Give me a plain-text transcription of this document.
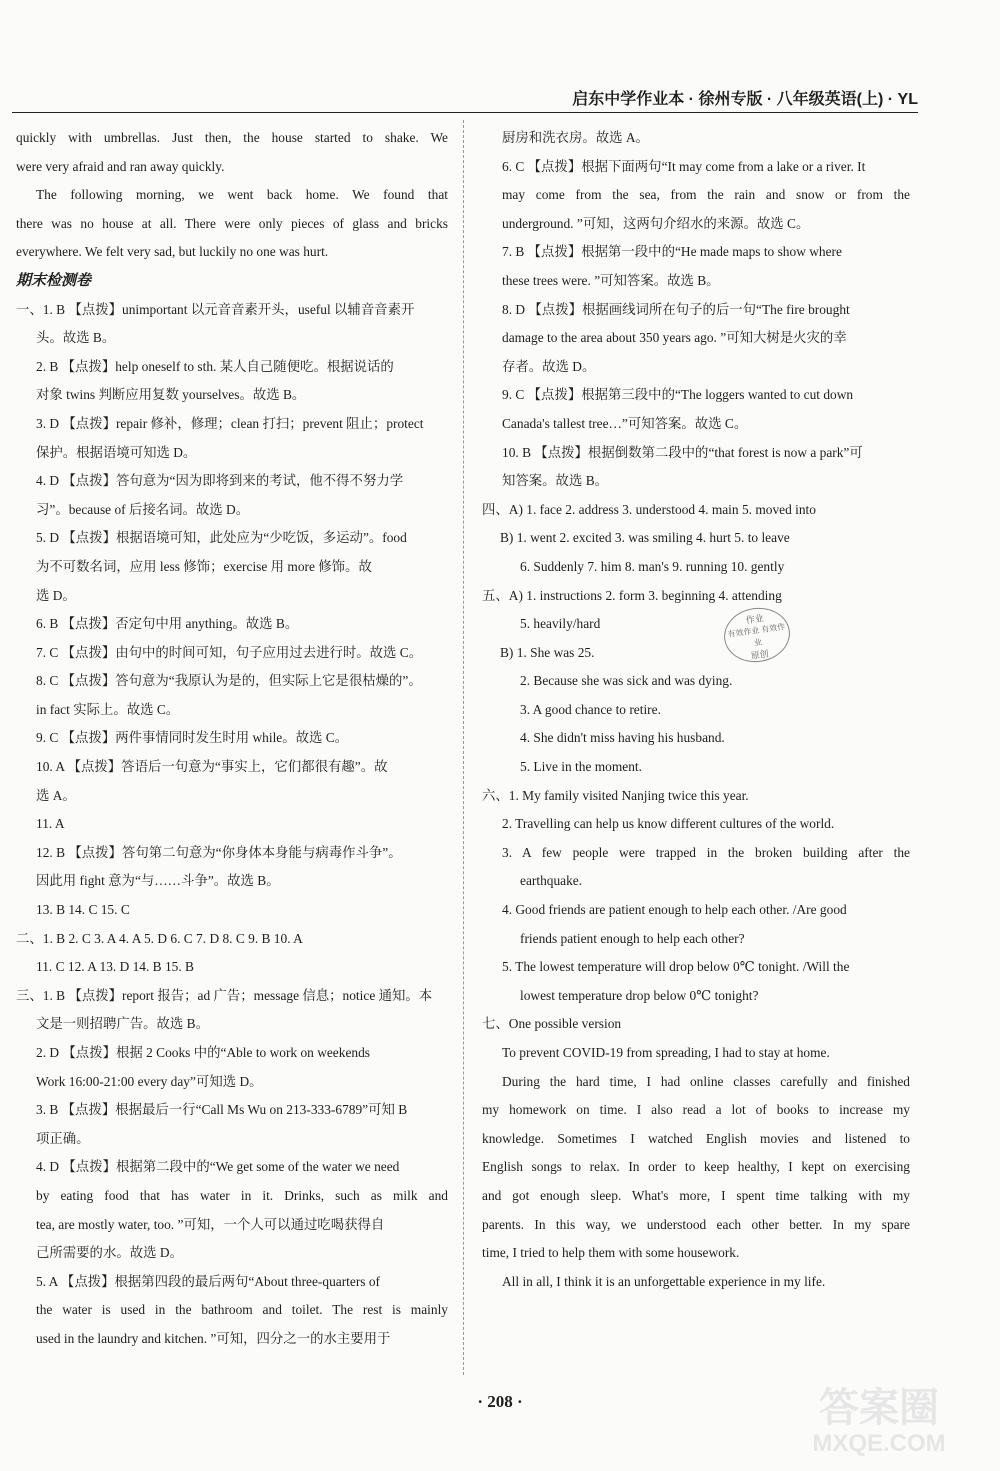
启东中学作业本 · 徐州专版 · 八年级英语(上) · YL
quickly with umbrellas. Just then, the house started to shake. We
were very afraid and ran away quickly.
The following morning, we went back home. We found that
there was no house at all. There were only pieces of glass and bricks
everywhere. We felt very sad, but luckily no one was hurt.
期末检测卷
一、1. B 【点拨】unimportant 以元音音素开头，useful 以辅音音素开
头。故选 B。
2. B 【点拨】help oneself to sth. 某人自己随便吃。根据说话的
对象 twins 判断应用复数 yourselves。故选 B。
3. D 【点拨】repair 修补，修理；clean 打扫；prevent 阻止；protect
保护。根据语境可知选 D。
4. D 【点拨】答句意为“因为即将到来的考试，他不得不努力学
习”。because of 后接名词。故选 D。
5. D 【点拨】根据语境可知，此处应为“少吃饭，多运动”。food
为不可数名词，应用 less 修饰；exercise 用 more 修饰。故
选 D。
6. B 【点拨】否定句中用 anything。故选 B。
7. C 【点拨】由句中的时间可知，句子应用过去进行时。故选 C。
8. C 【点拨】答句意为“我原认为是的，但实际上它是很枯燥的”。
in fact 实际上。故选 C。
9. C 【点拨】两件事情同时发生时用 while。故选 C。
10. A 【点拨】答语后一句意为“事实上，它们都很有趣”。故
选 A。
11. A
12. B 【点拨】答句第二句意为“你身体本身能与病毒作斗争”。
因此用 fight 意为“与……斗争”。故选 B。
13. B 14. C 15. C
二、1. B 2. C 3. A 4. A 5. D 6. C 7. D 8. C 9. B 10. A
11. C 12. A 13. D 14. B 15. B
三、1. B 【点拨】report 报告；ad 广告；message 信息；notice 通知。本
文是一则招聘广告。故选 B。
2. D 【点拨】根据 2 Cooks 中的“Able to work on weekends
Work 16:00-21:00 every day”可知选 D。
3. B 【点拨】根据最后一行“Call Ms Wu on 213-333-6789”可知 B
项正确。
4. D 【点拨】根据第二段中的“We get some of the water we need
by eating food that has water in it. Drinks, such as milk and
tea, are mostly water, too. ”可知，一个人可以通过吃喝获得自
己所需要的水。故选 D。
5. A 【点拨】根据第四段的最后两句“About three-quarters of
the water is used in the bathroom and toilet. The rest is mainly
used in the laundry and kitchen. ”可知，四分之一的水主要用于
厨房和洗衣房。故选 A。
6. C 【点拨】根据下面两句“It may come from a lake or a river. It
may come from the sea, from the rain and snow or from the
underground. ”可知，这两句介绍水的来源。故选 C。
7. B 【点拨】根据第一段中的“He made maps to show where
these trees were. ”可知答案。故选 B。
8. D 【点拨】根据画线词所在句子的后一句“The fire brought
damage to the area about 350 years ago. ”可知大树是火灾的幸
存者。故选 D。
9. C 【点拨】根据第三段中的“The loggers wanted to cut down
Canada's tallest tree…”可知答案。故选 C。
10. B 【点拨】根据倒数第二段中的“that forest is now a park”可
知答案。故选 B。
四、A) 1. face 2. address 3. understood 4. main 5. moved into
B) 1. went 2. excited 3. was smiling 4. hurt 5. to leave
6. Suddenly 7. him 8. man's 9. running 10. gently
五、A) 1. instructions 2. form 3. beginning 4. attending
5. heavily/hard
B) 1. She was 25.
2. Because she was sick and was dying.
3. A good chance to retire.
4. She didn't miss having his husband.
5. Live in the moment.
六、1. My family visited Nanjing twice this year.
2. Travelling can help us know different cultures of the world.
3. A few people were trapped in the broken building after the
earthquake.
4. Good friends are patient enough to help each other. /Are good
friends patient enough to help each other?
5. The lowest temperature will drop below 0℃ tonight. /Will the
lowest temperature drop below 0℃ tonight?
七、One possible version
To prevent COVID-19 from spreading, I had to stay at home.
During the hard time, I had online classes carefully and finished
my homework on time. I also read a lot of books to increase my
knowledge. Sometimes I watched English movies and listened to
English songs to relax. In order to keep healthy, I kept on exercising
and got enough sleep. What's more, I spent time talking with my
parents. In this way, we understood each other better. In my spare
time, I tried to help them with some housework.
All in all, I think it is an unforgettable experience in my life.
作业
有效作业 有效作业
原创
· 208 ·	答案圈
MXQE.COM
